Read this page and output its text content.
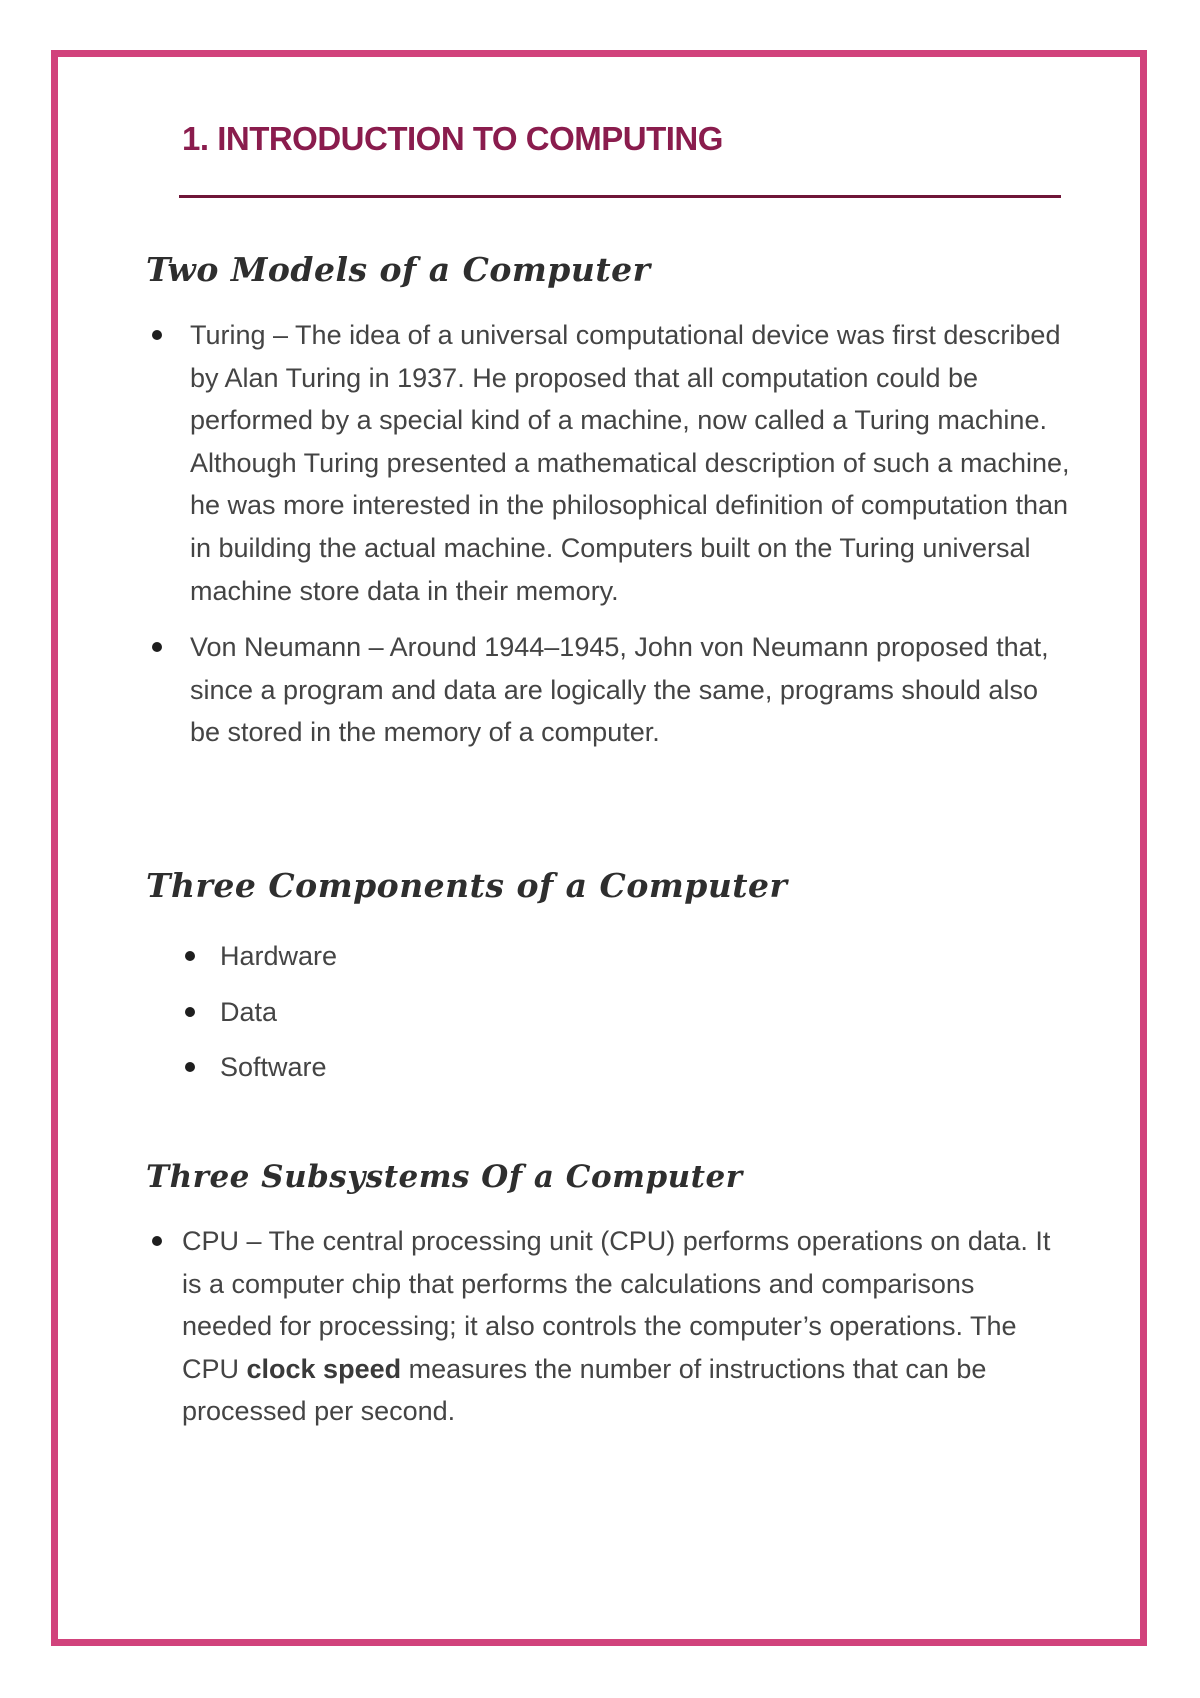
1. INTRODUCTION TO COMPUTING
Two Models of a Computer
Turing – The idea of a universal computational device was first described by Alan Turing in 1937. He proposed that all computation could be performed by a special kind of a machine, now called a Turing machine. Although Turing presented a mathematical description of such a machine, he was more interested in the philosophical definition of computation than in building the actual machine. Computers built on the Turing universal machine store data in their memory.
Von Neumann – Around 1944–1945, John von Neumann proposed that, since a program and data are logically the same, programs should also be stored in the memory of a computer.
Three Components of a Computer
Hardware
Data
Software
Three Subsystems Of a Computer
CPU – The central processing unit (CPU) performs operations on data. It is a computer chip that performs the calculations and comparisons needed for processing; it also controls the computer’s operations. The CPU clock speed measures the number of instructions that can be processed per second.
